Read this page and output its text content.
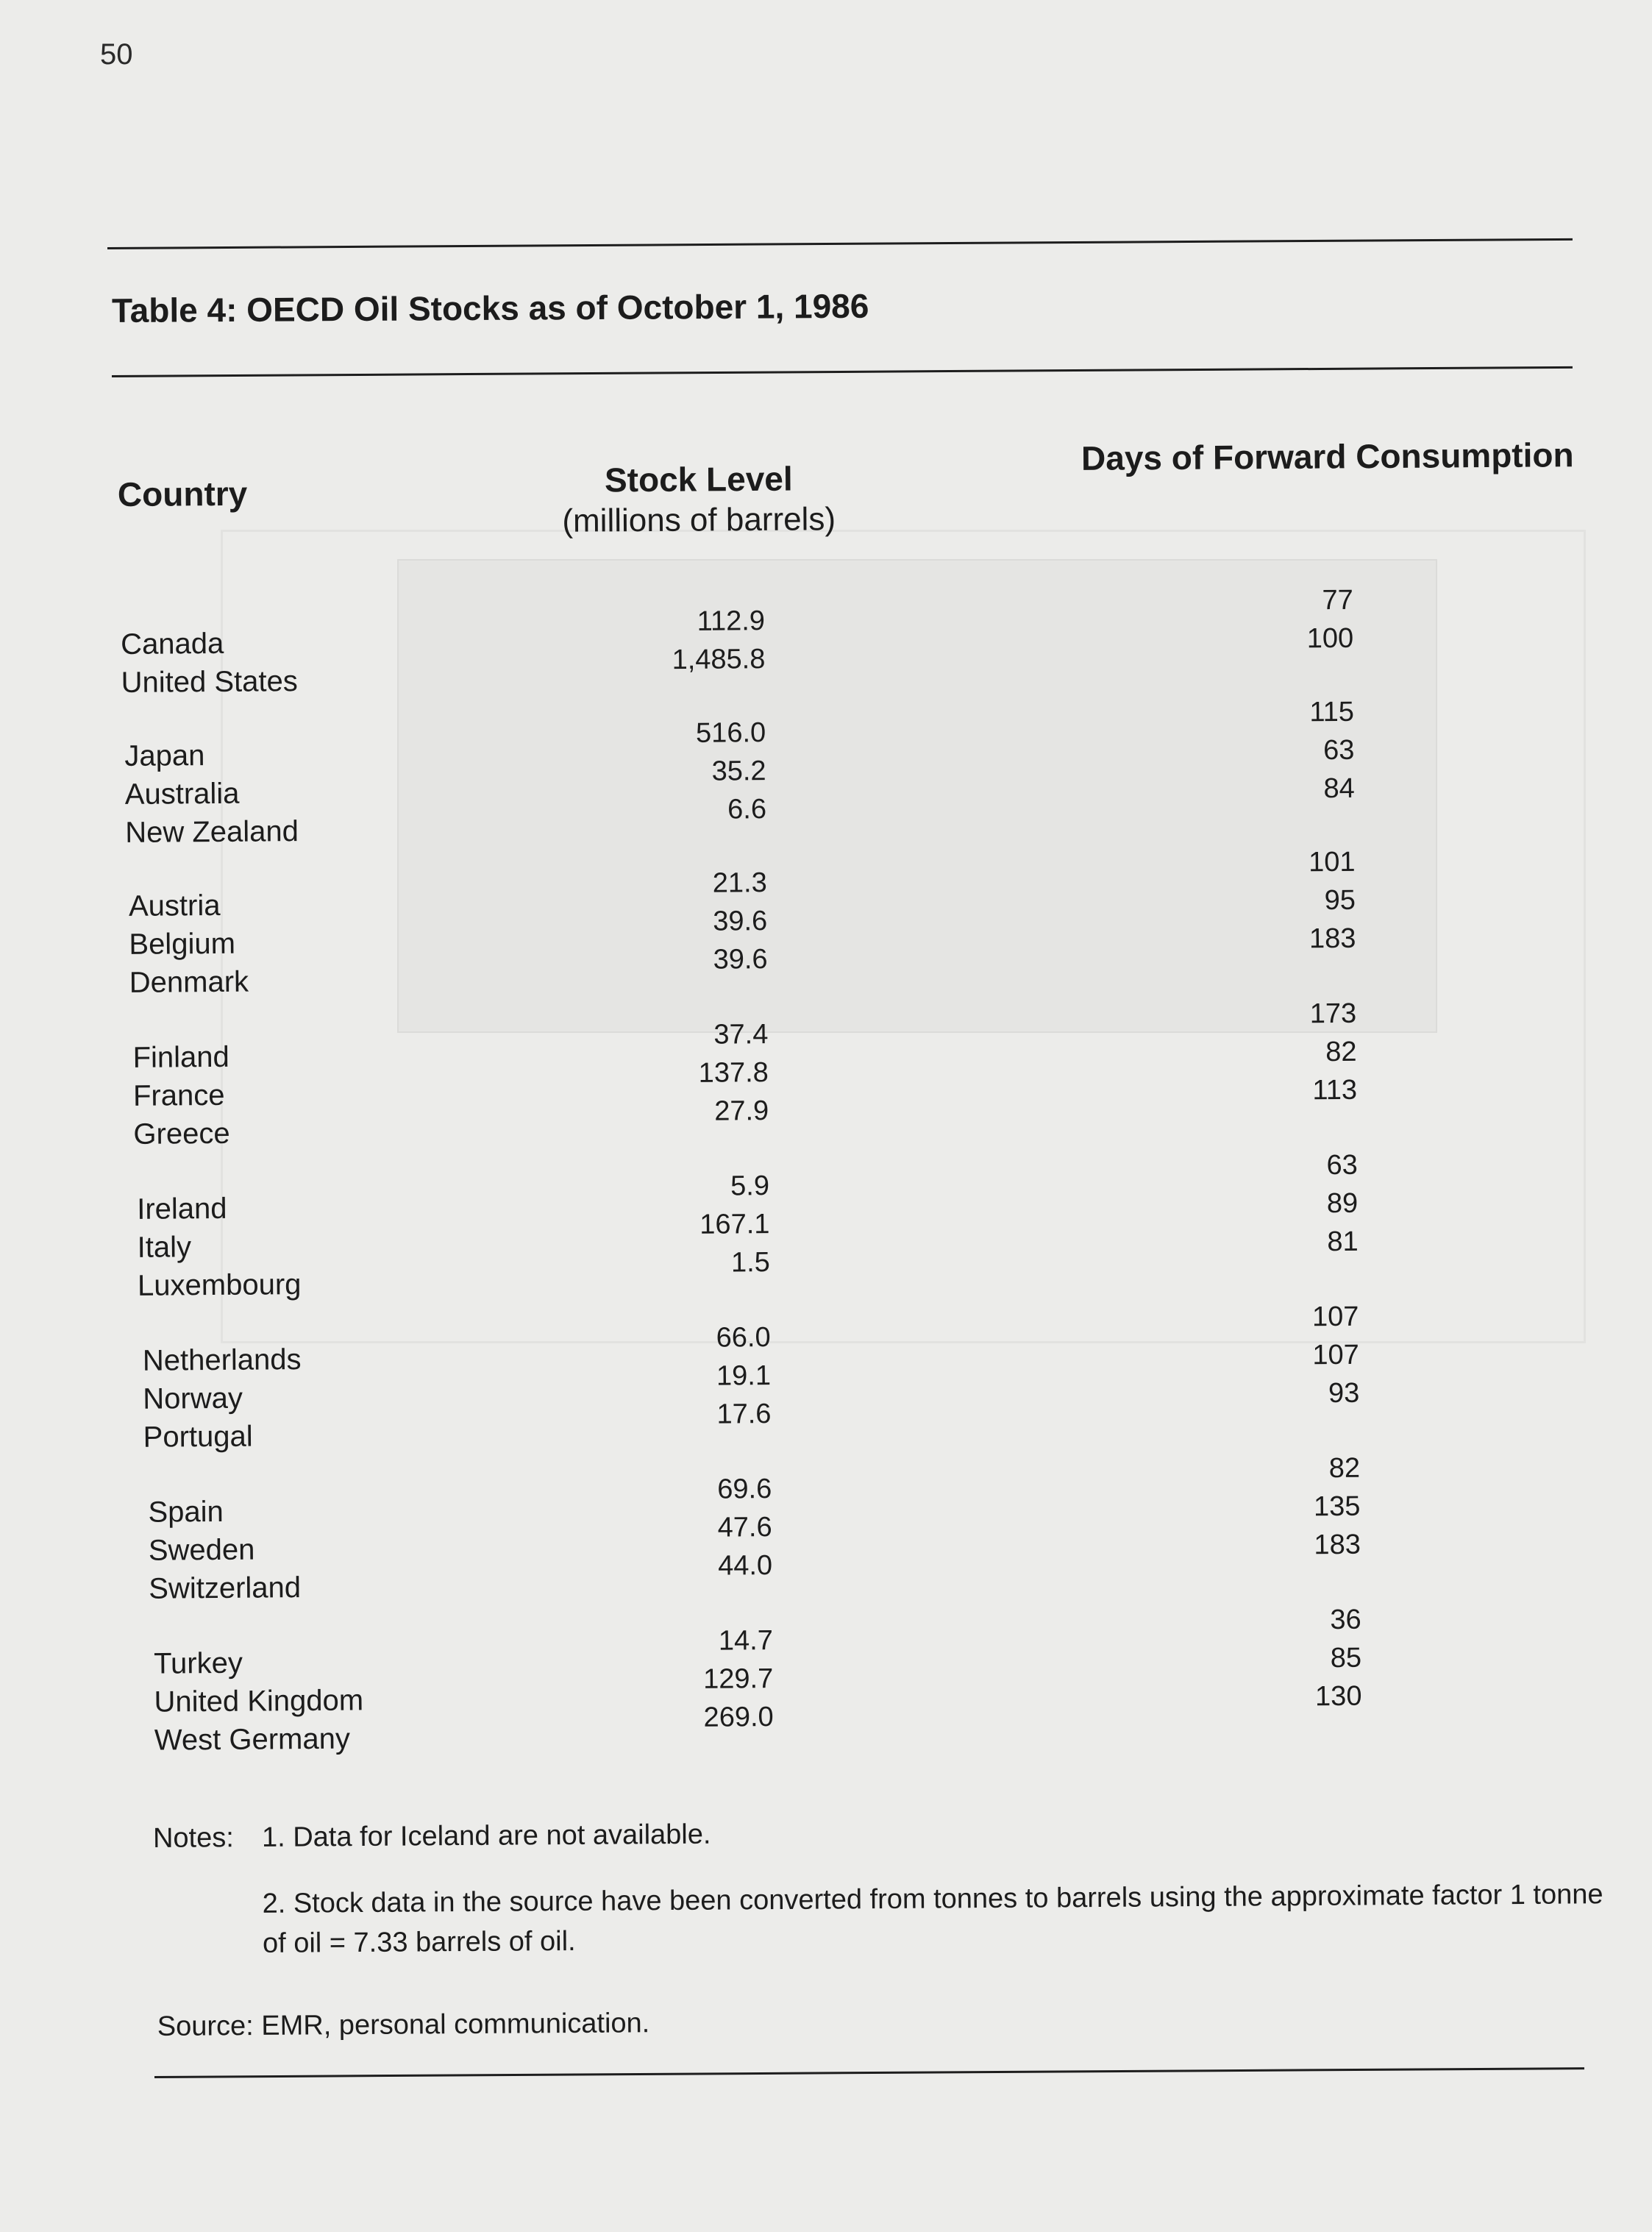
50
Table 4: OECD Oil Stocks as of October 1, 1986
Country	Stock Level
(millions of barrels)
Days of Forward Consumption
Canada
112.9
77
United States
1,485.8
100
Japan
516.0
115
Australia
35.2
63
New Zealand
6.6
84
Austria
21.3
101
Belgium
39.6
95
Denmark
39.6
183
Finland
37.4
173
France
137.8
82
Greece
27.9
113
Ireland
5.9
63
Italy
167.1
89
Luxembourg
1.5
81
Netherlands
66.0
107
Norway
19.1
107
Portugal
17.6
93
Spain
69.6
82
Sweden
47.6
135
Switzerland
44.0
183
Turkey
14.7
36
United Kingdom
129.7
85
West Germany
269.0
130
Notes: 1. Data for Iceland are not available.
2. Stock data in the source have been converted from tonnes to barrels using the approximate factor 1 tonne of oil = 7.33 barrels of oil.
Source: EMR, personal communication.
